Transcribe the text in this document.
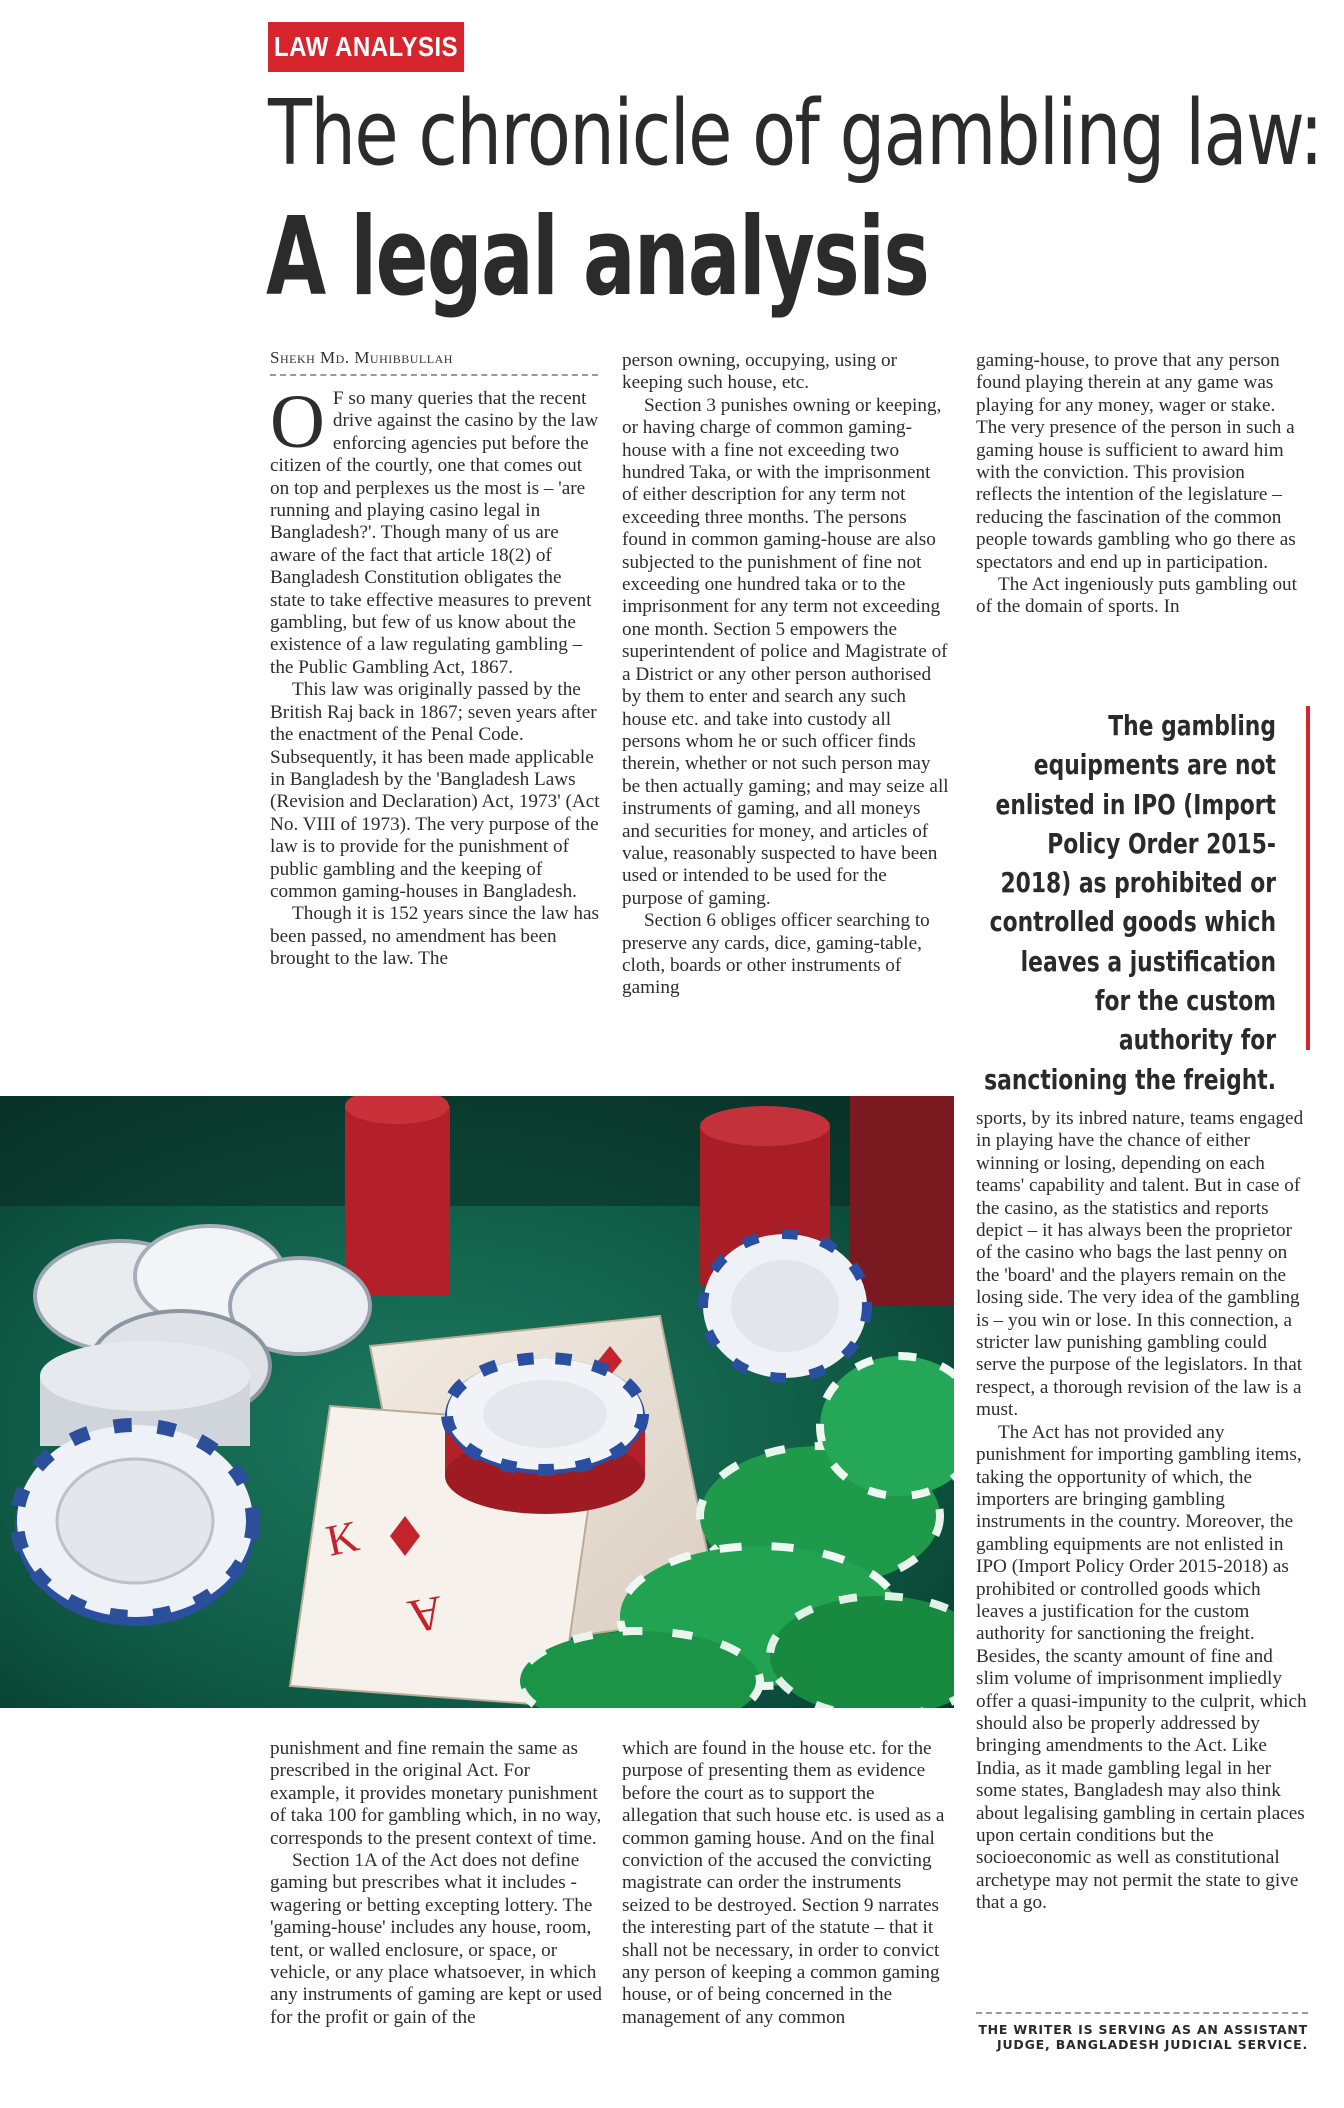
LAW ANALYSIS
The chronicle of gambling law:
A legal analysis
Shekh Md. Muhibbullah

O F so many queries that the recent drive against the casino by the law enforcing agencies put before the citizen of the courtly, one that comes out on top and perplexes us the most is – 'are running and playing casino legal in Bangladesh?'. Though many of us are aware of the fact that article 18(2) of Bangladesh Constitution obligates the state to take effective measures to prevent gambling, but few of us know about the existence of a law regulating gambling – the Public Gambling Act, 1867.

This law was originally passed by the British Raj back in 1867; seven years after the enactment of the Penal Code. Subsequently, it has been made applicable in Bangladesh by the 'Bangladesh Laws (Revision and Declaration) Act, 1973' (Act No. VIII of 1973). The very purpose of the law is to provide for the punishment of public gambling and the keeping of common gaming-houses in Bangladesh.

Though it is 152 years since the law has been passed, no amendment has been brought to the law. The

person owning, occupying, using or keeping such house, etc.

Section 3 punishes owning or keeping, or having charge of common gaming-house with a fine not exceeding two hundred Taka, or with the imprisonment of either description for any term not exceeding three months. The persons found in common gaming-house are also subjected to the punishment of fine not exceeding one hundred taka or to the imprisonment for any term not exceeding one month. Section 5 empowers the superintendent of police and Magistrate of a District or any other person authorised by them to enter and search any such house etc. and take into custody all persons whom he or such officer finds therein, whether or not such person may be then actually gaming; and may seize all instruments of gaming, and all moneys and securities for money, and articles of value, reasonably suspected to have been used or intended to be used for the purpose of gaming.

Section 6 obliges officer searching to preserve any cards, dice, gaming-table, cloth, boards or other instruments of gaming

gaming-house, to prove that any person found playing therein at any game was playing for any money, wager or stake. The very presence of the person in such a gaming house is sufficient to award him with the conviction. This provision reflects the intention of the legislature – reducing the fascination of the common people towards gambling who go there as spectators and end up in participation.

The Act ingeniously puts gambling out of the domain of sports. In

The gambling equipments are not enlisted in IPO (Import Policy Order 2015-2018) as prohibited or controlled goods which leaves a justification for the custom authority for sanctioning the freight.
K
A

sports, by its inbred nature, teams engaged in playing have the chance of either winning or losing, depending on each teams' capability and talent. But in case of the casino, as the statistics and reports depict – it has always been the proprietor of the casino who bags the last penny on the 'board' and the players remain on the losing side. The very idea of the gambling is – you win or lose. In this connection, a stricter law punishing gambling could serve the purpose of the legislators. In that respect, a thorough revision of the law is a must.

The Act has not provided any punishment for importing gambling items, taking the opportunity of which, the importers are bringing gambling instruments in the country. Moreover, the gambling equipments are not enlisted in IPO (Import Policy Order 2015-2018) as prohibited or controlled goods which leaves a justification for the custom authority for sanctioning the freight. Besides, the scanty amount of fine and slim volume of imprisonment impliedly offer a quasi-impunity to the culprit, which should also be properly addressed by bringing amendments to the Act. Like India, as it made gambling legal in her some states, Bangladesh may also think about legalising gambling in certain places upon certain conditions but the socioeconomic as well as constitutional archetype may not permit the state to give that a go.

punishment and fine remain the same as prescribed in the original Act. For example, it provides monetary punishment of taka 100 for gambling which, in no way, corresponds to the present context of time.

Section 1A of the Act does not define gaming but prescribes what it includes - wagering or betting excepting lottery. The 'gaming-house' includes any house, room, tent, or walled enclosure, or space, or vehicle, or any place whatsoever, in which any instruments of gaming are kept or used for the profit or gain of the

which are found in the house etc. for the purpose of presenting them as evidence before the court as to support the allegation that such house etc. is used as a common gaming house. And on the final conviction of the accused the convicting magistrate can order the instruments seized to be destroyed. Section 9 narrates the interesting part of the statute – that it shall not be necessary, in order to convict any person of keeping a common gaming house, or of being concerned in the management of any common

THE WRITER IS SERVING AS AN ASSISTANT JUDGE, BANGLADESH JUDICIAL SERVICE.
